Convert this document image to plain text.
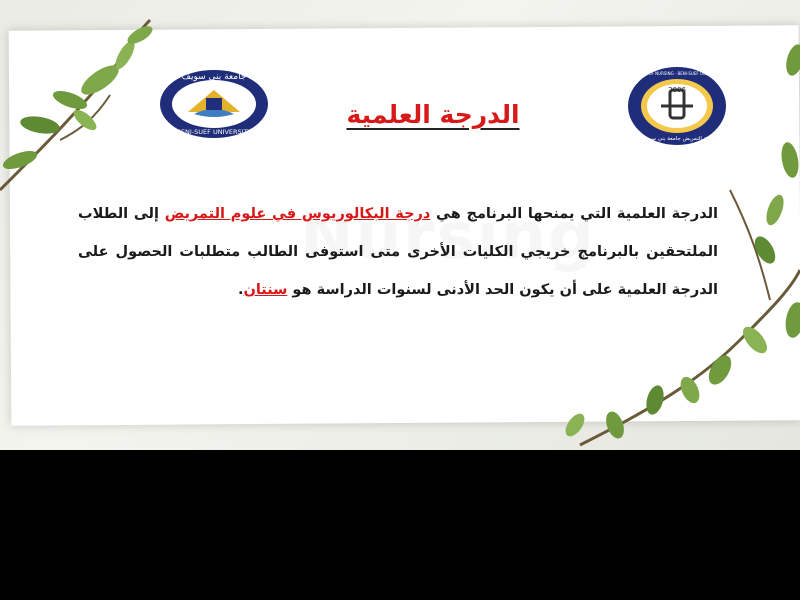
جامعة بني سويف
BENI-SUEF UNIVERSITY
2006
FACULTY OF NURSING · BENI-SUEF UNIVERSITY
كلية التمريض جامعة بني سويف
الدرجة العلمية
الدرجة العلمية التي يمنحها البرنامج هي درجة البكالوريوس في علوم التمريض إلى الطلاب الملتحقين بالبرنامج خريجي الكليات الأخرى متى استوفى الطالب متطلبات الحصول على الدرجة العلمية على أن يكون الحد الأدنى لسنوات الدراسة هو سنتان.
